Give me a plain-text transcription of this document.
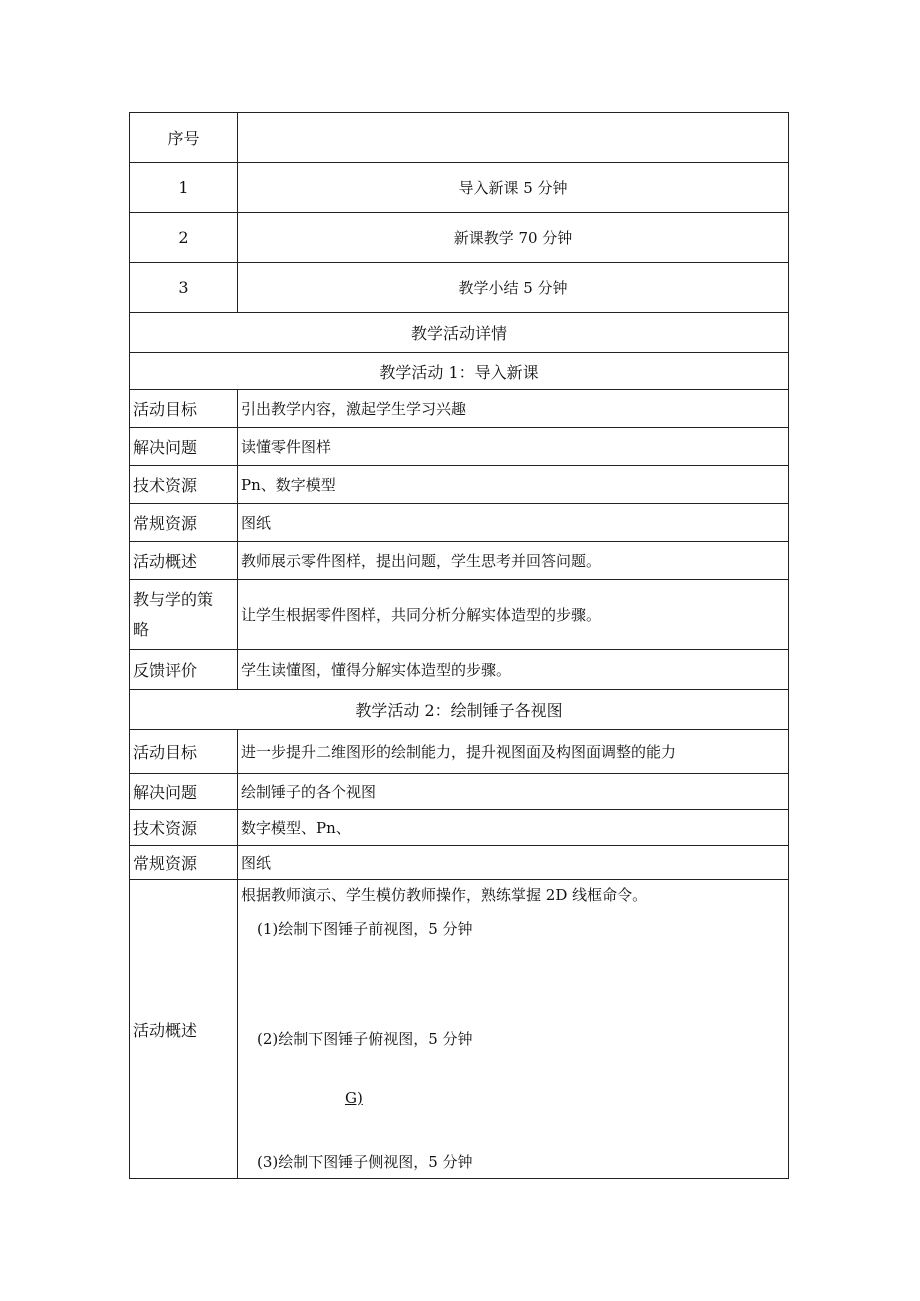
序号	
1	导入新课 5 分钟
2	新课教学 70 分钟
3	教学小结 5 分钟
教学活动详情	
教学活动 1：导入新课	
活动目标	引出教学内容，激起学生学习兴趣
解决问题	读懂零件图样
技术资源	Pn、数字模型
常规资源	图纸
活动概述	教师展示零件图样，提出问题，学生思考并回答问题。

教与学的策
略	让学生根据零件图样，共同分析分解实体造型的步骤。
反馈评价	学生读懂图，懂得分解实体造型的步骤。
教学活动 2：绘制锤子各视图	
活动目标	进一步提升二维图形的绘制能力，提升视图面及构图面调整的能力
解决问题	绘制锤子的各个视图
技术资源	数字模型、Pn、
常规资源	图纸
活动概述	根据教师演示、学生模仿教师操作，熟练掌握 2D 线框命令。
(1)绘制下图锤子前视图，5 分钟
(2)绘制下图锤子俯视图，5 分钟
G)
(3)绘制下图锤子侧视图，5 分钟
